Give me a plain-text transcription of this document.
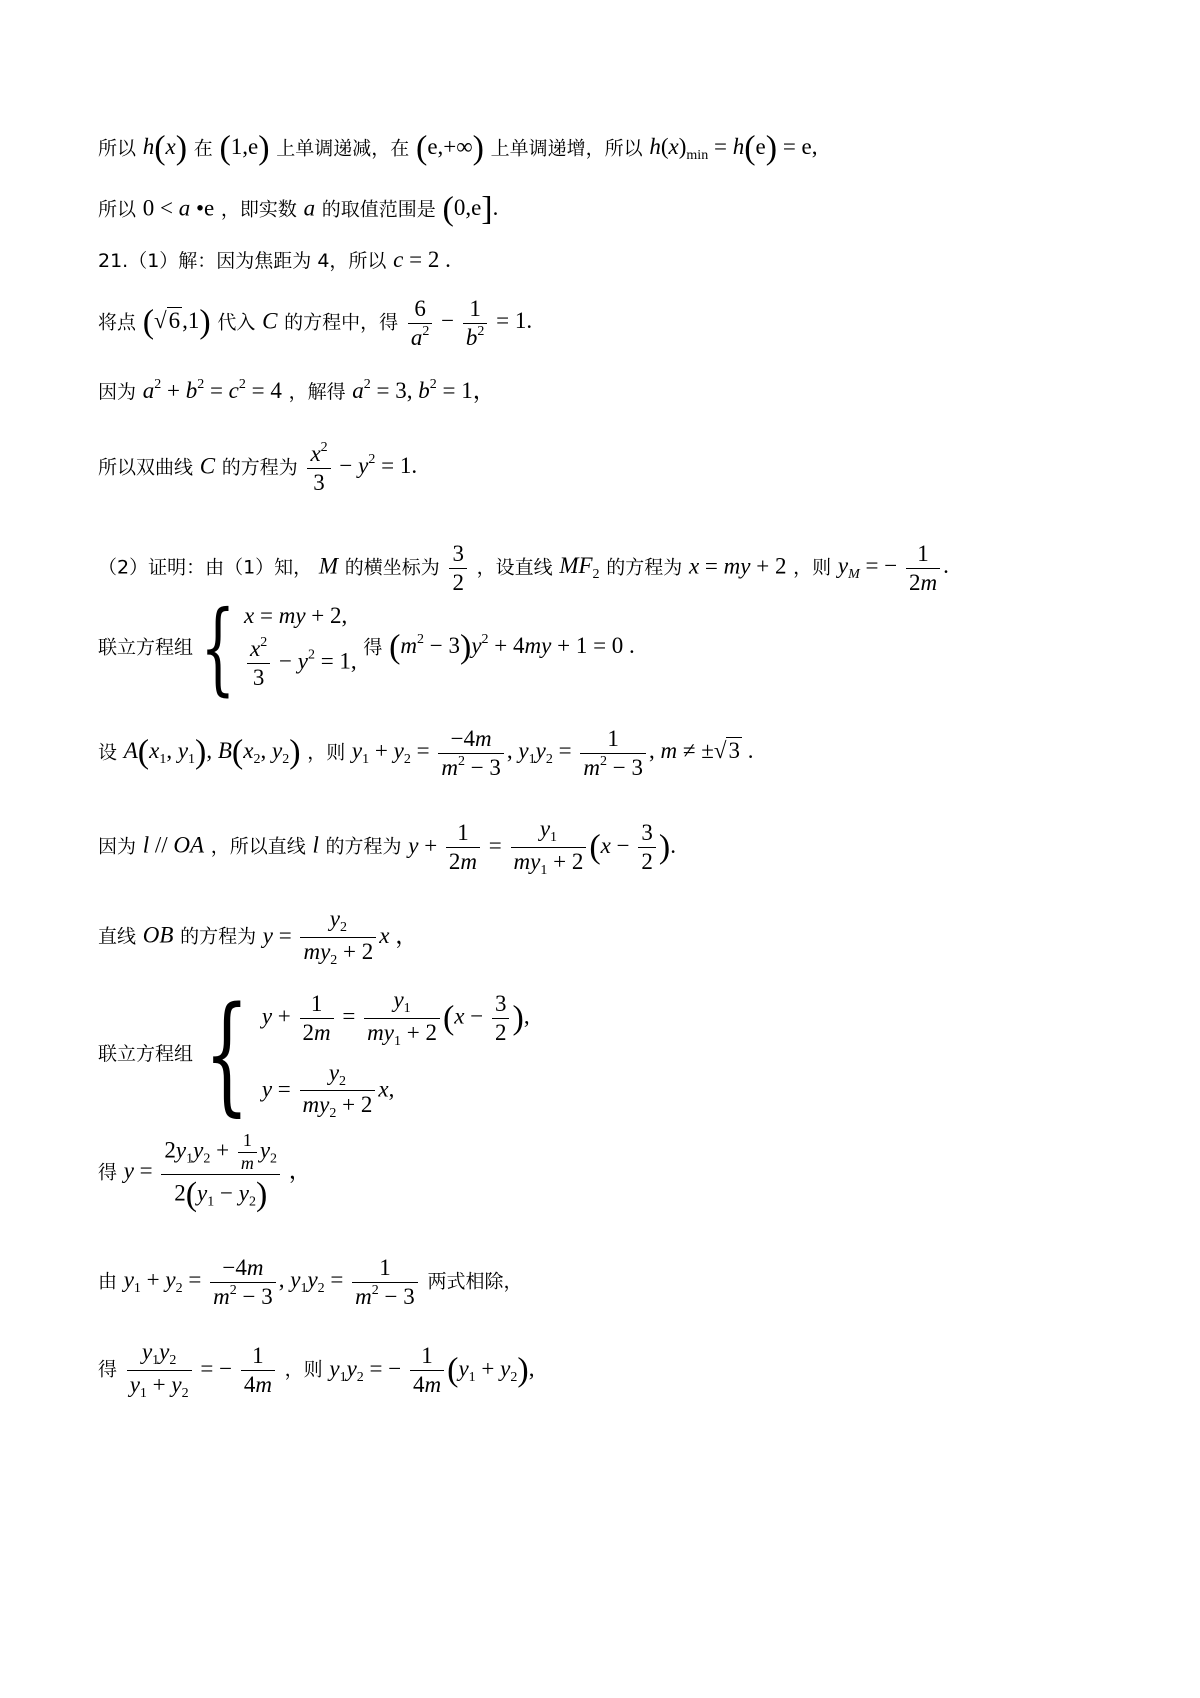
所以 h(x) 在 (1,e) 上单调递减，在 (e,+∞) 上单调递增，所以 $h(x)_{min} = h(e) = e$,
所以 0 < a •e ，即实数 a 的取值范围是 (0,e].
21.（1）解：因为焦距为 4，所以 c = 2 .
将点 (√6,1) 代入 C 的方程中，得 $\frac{6}{a^2} - \frac{1}{b^2} = 1$.
因为 $a^2 + b^2 = c^2 = 4$ ，解得 $a^2 = 3$, $b^2 = 1$，
所以双曲线 C 的方程为 $\frac{x^2}{3} - y^2 = 1$.
（2）证明：由（1）知， M 的横坐标为 $\frac{3}{2}$ ，设直线 $MF_2$ 的方程为 x = my + 2 ，则 $y_M$ = − $\frac{1}{2m}$ .
联立方程组 { x = my + 2,
$\frac{x^2}{3} - y^2 = 1$,
得 $(m^2 - 3)y^2 + 4my + 1 = 0$ .
设 $A(x_1$, $y_1$), $B(x_2$, $y_2$) ，则 $y_1 + y_2 = \frac{-4m}{m^2 - 3}$ , $y_1y_2 = \frac{1}{m^2 - 3}$ , m ≠ ±√3 .
因为 l // OA ，所以直线 l 的方程为 $y + \frac{1}{2m} = \frac{y_1}{my_1 + 2} (x - \frac{3}{2}$ ).
直线 OB 的方程为 $y = \frac{y_2}{my_2 + 2}$ x ，
联立方程组 { $y + \frac{1}{2m} = \frac{y_1}{my_1 + 2} (x - \frac{3}{2}$ ),
$y = \frac{y_2}{my_2 + 2} x$,
得 $y = \frac{2y_1y_2 + \frac{1}{m} y_2}{2(y_1 - y_2)}$ ，
由 $y_1 + y_2 = \frac{-4m}{m^2 - 3}$ , $y_1y_2 = \frac{1}{m^2 - 3}$ 两式相除，
得 $\frac{y_1y_2}{y_1 + y_2}$ = − $\frac{1}{4m}$ ，则 $y_1y_2$ = − $\frac{1}{4m} (y_1 + y_2)$,
